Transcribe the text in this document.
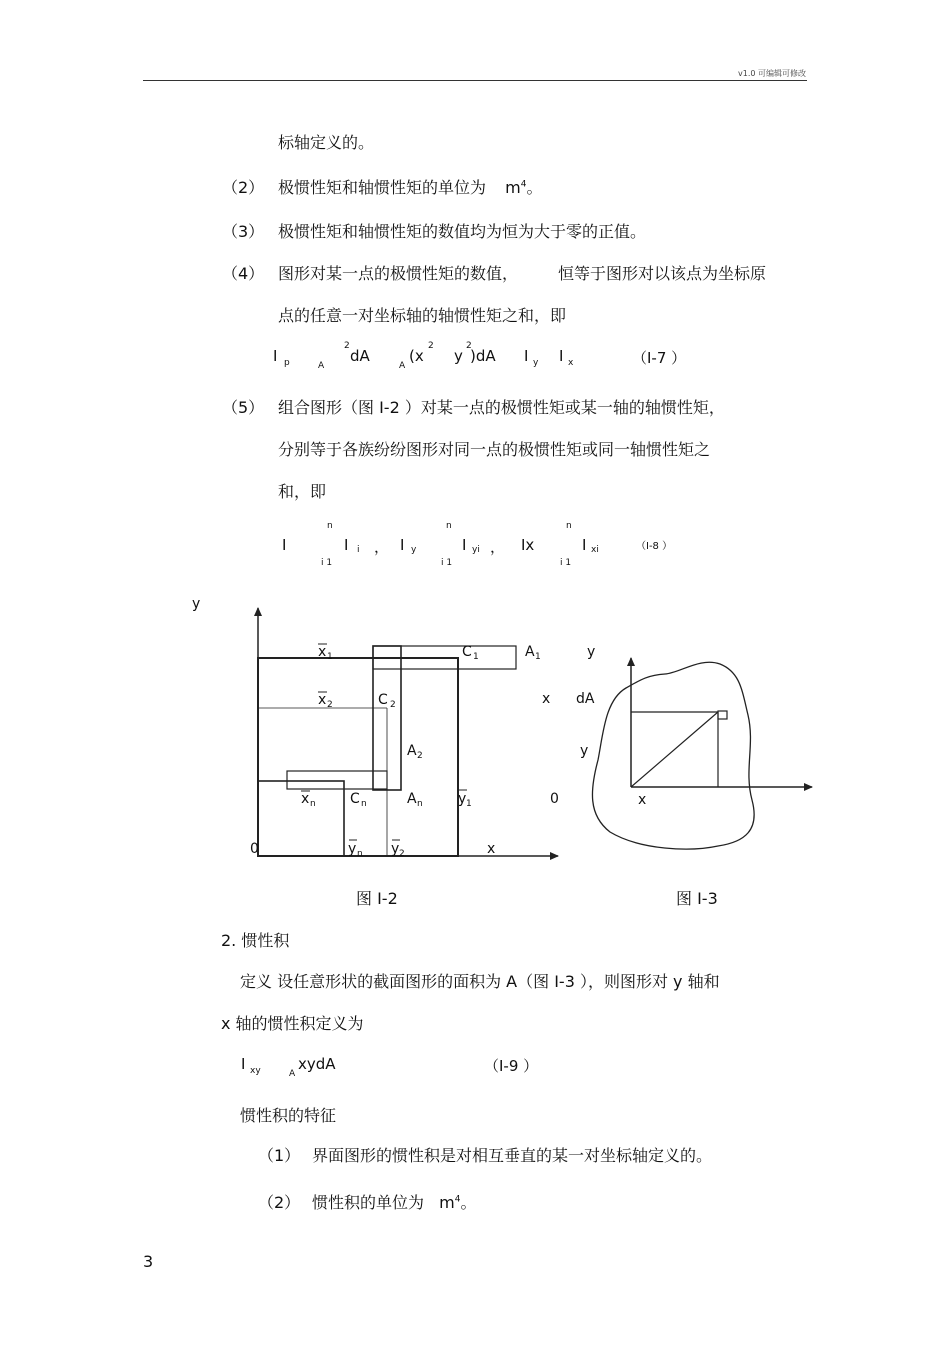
v1.0 可编辑可修改
标轴定义的。
（2） 极惯性矩和轴惯性矩的单位为 $m^4$。
（3） 极惯性矩和轴惯性矩的数值均为恒为大于零的正值。
（4） 图形对某一点的极惯性矩的数值， 恒等于图形对以该点为坐标原
点的任意一对坐标轴的轴惯性矩之和，即
I p	A
2
dA
A
(x
2
y
2
)dA I y I x	（I-7 ）
（5） 组合图形（图 I-2 ）对某一点的极惯性矩或某一轴的轴惯性矩，
分别等于各族纷纷图形对同一点的极惯性矩或同一轴惯性矩之
和，即
I
n
I i
i 1
， I y
n
I yi
i 1
， Ix
n
I xi
i 1
（I-8 ）
y
x 1	C 1	A 1
x 2	C 2
A 2
x n C n	A n	y 1
0	y n y 2	x
y
x dA
y
0	x
图 I-2	图 I-3
2. 惯性积
定义 设任意形状的截面图形的面积为 A（图 I-3 ），则图形对 y 轴和
x 轴的惯性积定义为
I xy	A
xydA	（I-9 ）
惯性积的特征
（1） 界面图形的惯性积是对相互垂直的某一对坐标轴定义的。
（2） 惯性积的单位为 $m^4$。
3
